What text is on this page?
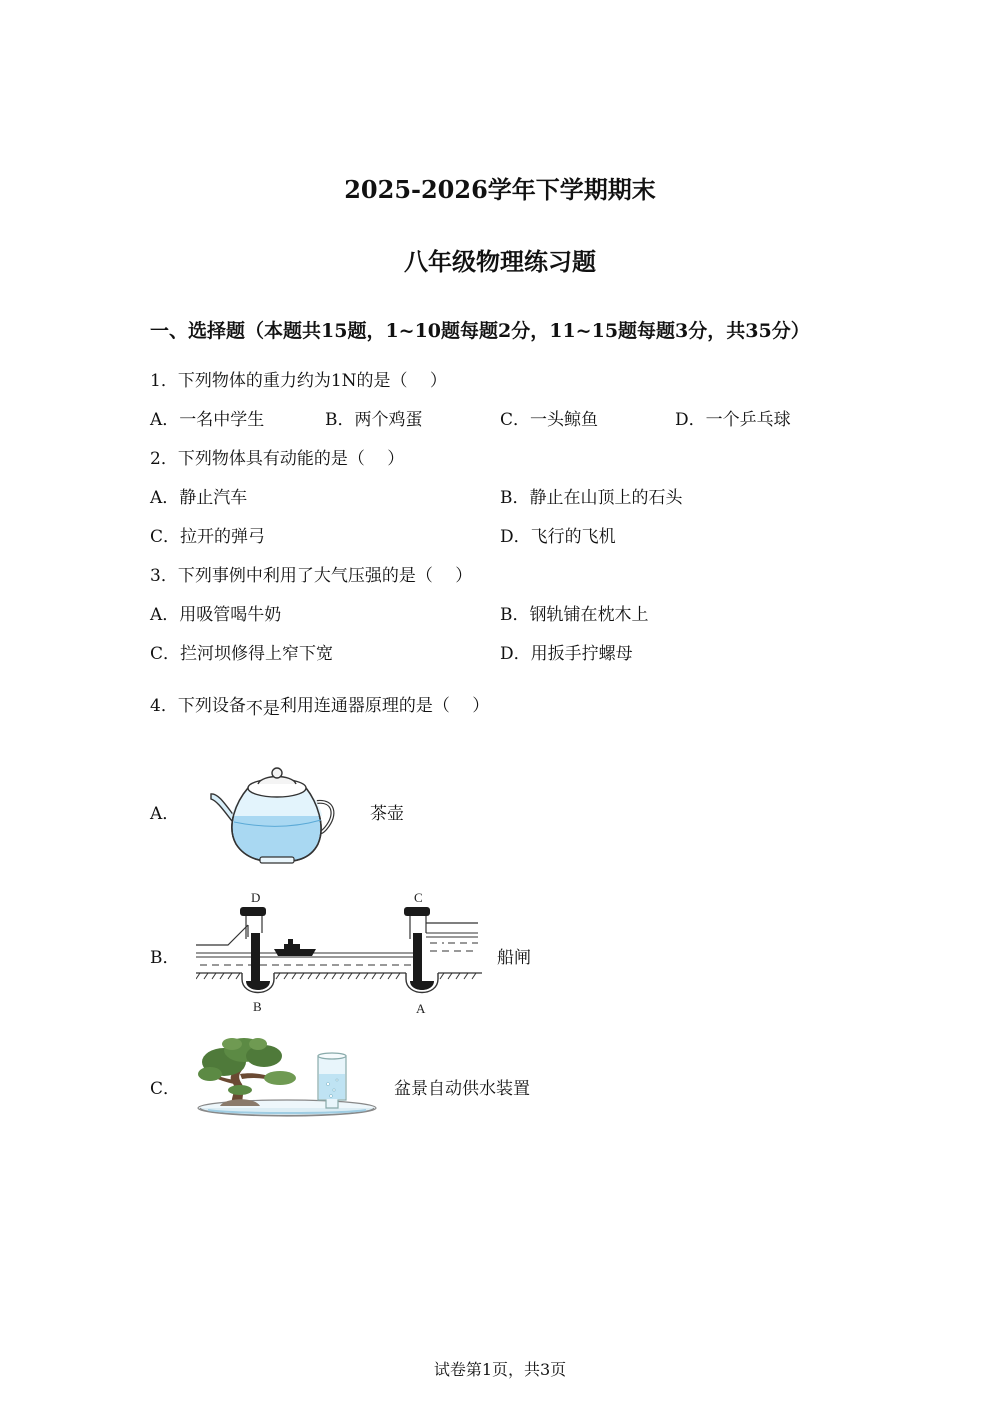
2025-2026学年下学期期末
八年级物理练习题
一、选择题（本题共15题，1~10题每题2分，11~15题每题3分，共35分）
1．下列物体的重力约为1N的是（　 ）
A．一名中学生	B．两个鸡蛋	C．一头鲸鱼	D．一个乒乓球
2．下列物体具有动能的是（　 ）
A．静止汽车	B．静止在山顶上的石头
C．拉开的弹弓	D．飞行的飞机
3．下列事例中利用了大气压强的是（　 ）
A．用吸管喝牛奶	B．钢轨铺在枕木上
C．拦河坝修得上窄下宽	D．用扳手拧螺母
4．下列设备不是利用连通器原理的是（　 ）
A．	茶壶
B．
D	C
B	A
船闸
C．	盆景自动供水装置
试卷第1页，共3页
